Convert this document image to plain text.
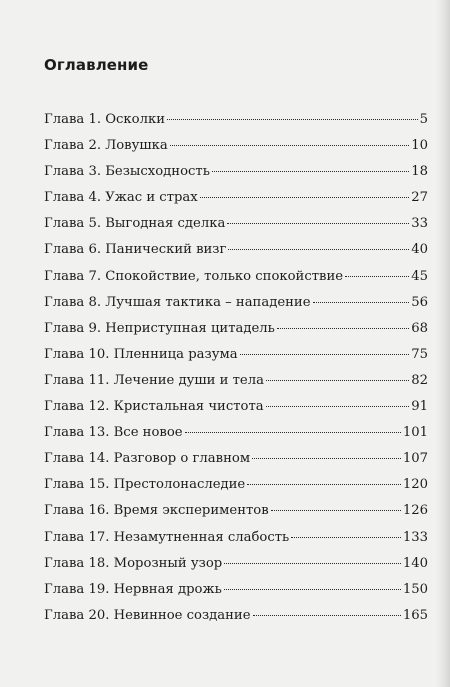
Оглавление
Глава 1. Осколки	5
Глава 2. Ловушка	10
Глава 3. Безысходность	18
Глава 4. Ужас и страх	27
Глава 5. Выгодная сделка	33
Глава 6. Панический визг	40
Глава 7. Спокойствие, только спокойствие	45
Глава 8. Лучшая тактика – нападение	56
Глава 9. Неприступная цитадель	68
Глава 10. Пленница разума	75
Глава 11. Лечение души и тела	82
Глава 12. Кристальная чистота	91
Глава 13. Все новое	101
Глава 14. Разговор о главном	107
Глава 15. Престолонаследие	120
Глава 16. Время экспериментов	126
Глава 17. Незамутненная слабость	133
Глава 18. Морозный узор	140
Глава 19. Нервная дрожь	150
Глава 20. Невинное создание	165
